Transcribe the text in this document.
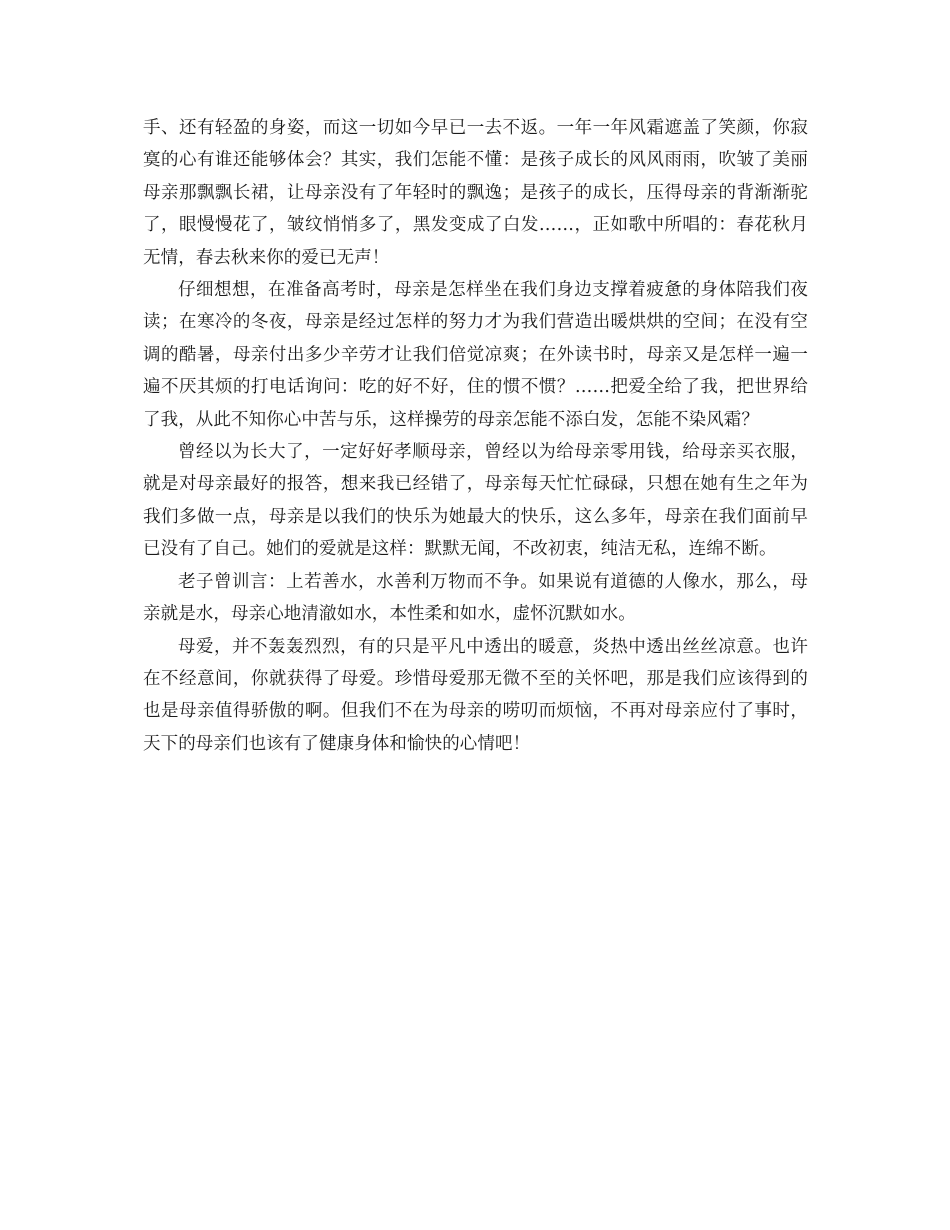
手、还有轻盈的身姿，而这一切如今早已一去不返。一年一年风霜遮盖了笑颜，你寂寞的心有谁还能够体会？其实，我们怎能不懂：是孩子成长的风风雨雨，吹皱了美丽母亲那飘飘长裙，让母亲没有了年轻时的飘逸；是孩子的成长，压得母亲的背渐渐驼了，眼慢慢花了，皱纹悄悄多了，黑发变成了白发……，正如歌中所唱的：春花秋月无情，春去秋来你的爱已无声！

仔细想想，在准备高考时，母亲是怎样坐在我们身边支撑着疲惫的身体陪我们夜读；在寒冷的冬夜，母亲是经过怎样的努力才为我们营造出暖烘烘的空间；在没有空调的酷暑，母亲付出多少辛劳才让我们倍觉凉爽；在外读书时，母亲又是怎样一遍一遍不厌其烦的打电话询问：吃的好不好，住的惯不惯？……把爱全给了我，把世界给了我，从此不知你心中苦与乐，这样操劳的母亲怎能不添白发，怎能不染风霜？

曾经以为长大了，一定好好孝顺母亲，曾经以为给母亲零用钱，给母亲买衣服，就是对母亲最好的报答，想来我已经错了，母亲每天忙忙碌碌，只想在她有生之年为我们多做一点，母亲是以我们的快乐为她最大的快乐，这么多年，母亲在我们面前早已没有了自己。她们的爱就是这样：默默无闻，不改初衷，纯洁无私，连绵不断。

老子曾训言：上若善水，水善利万物而不争。如果说有道德的人像水，那么，母亲就是水，母亲心地清澈如水，本性柔和如水，虚怀沉默如水。

母爱，并不轰轰烈烈，有的只是平凡中透出的暖意，炎热中透出丝丝凉意。也许在不经意间，你就获得了母爱。珍惜母爱那无微不至的关怀吧，那是我们应该得到的也是母亲值得骄傲的啊。但我们不在为母亲的唠叨而烦恼，不再对母亲应付了事时，天下的母亲们也该有了健康身体和愉快的心情吧！
